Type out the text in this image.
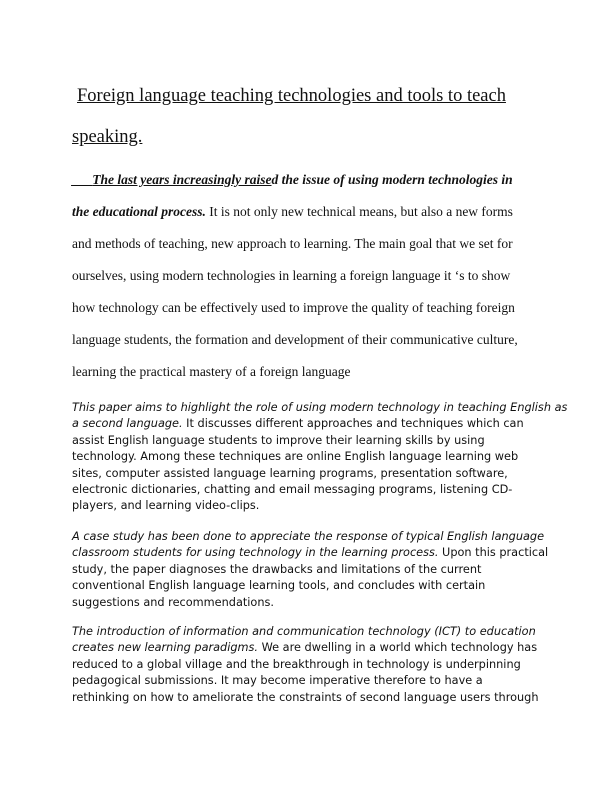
Foreign language teaching technologies and tools to teach
speaking.
___The last years increasingly raised the issue of using modern technologies in
the educational process. It is not only new technical means, but also a new forms
and methods of teaching, new approach to learning. The main goal that we set for
ourselves, using modern technologies in learning a foreign language it ‘s to show
how technology can be effectively used to improve the quality of teaching foreign
language students, the formation and development of their communicative culture,
learning the practical mastery of a foreign language
This paper aims to highlight the role of using modern technology in teaching English as
a second language. It discusses different approaches and techniques which can
assist English language students to improve their learning skills by using
technology. Among these techniques are online English language learning web
sites, computer assisted language learning programs, presentation software,
electronic dictionaries, chatting and email messaging programs, listening CD-
players, and learning video-clips.
A case study has been done to appreciate the response of typical English language
classroom students for using technology in the learning process. Upon this practical
study, the paper diagnoses the drawbacks and limitations of the current
conventional English language learning tools, and concludes with certain
suggestions and recommendations.
The introduction of information and communication technology (ICT) to education
creates new learning paradigms. We are dwelling in a world which technology has
reduced to a global village and the breakthrough in technology is underpinning
pedagogical submissions. It may become imperative therefore to have a
rethinking on how to ameliorate the constraints of second language users through
